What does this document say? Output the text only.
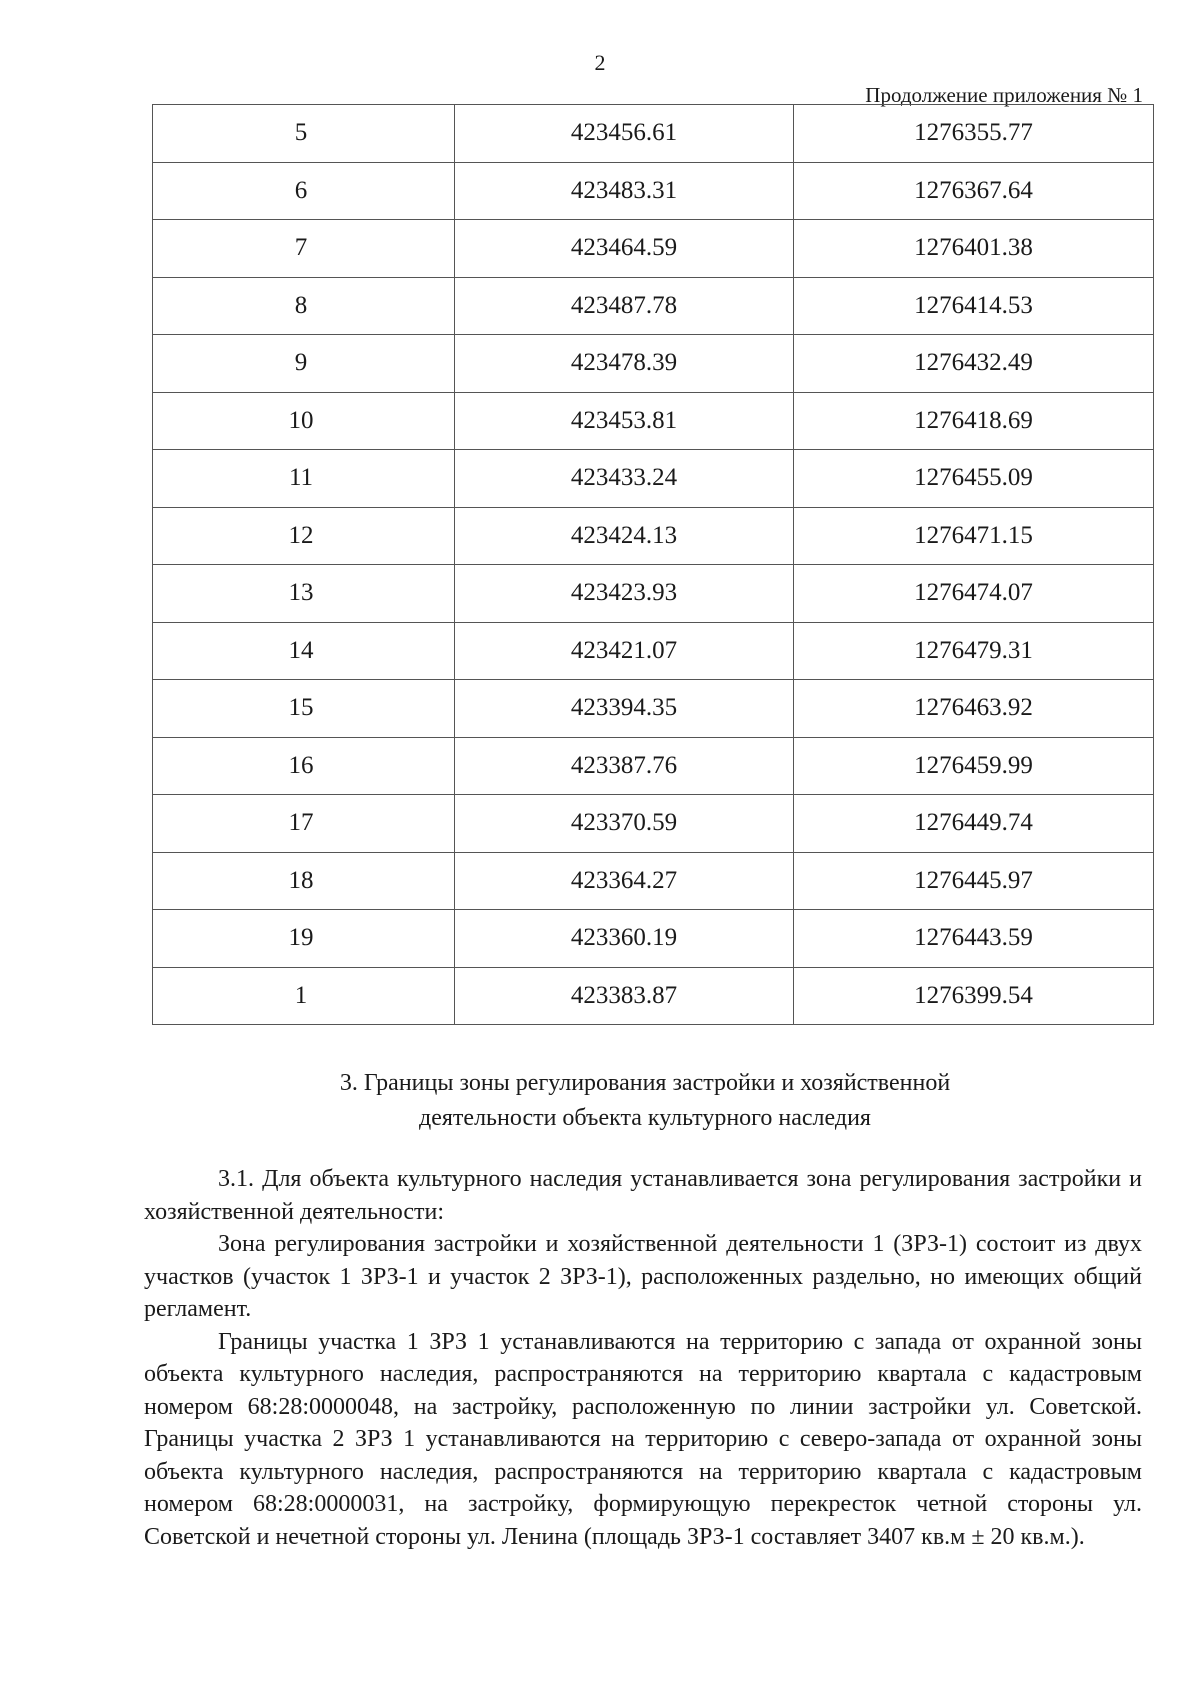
2
Продолжение приложения № 1
5	423456.61	1276355.77
6	423483.31	1276367.64
7	423464.59	1276401.38
8	423487.78	1276414.53
9	423478.39	1276432.49
10	423453.81	1276418.69
11	423433.24	1276455.09
12	423424.13	1276471.15
13	423423.93	1276474.07
14	423421.07	1276479.31
15	423394.35	1276463.92
16	423387.76	1276459.99
17	423370.59	1276449.74
18	423364.27	1276445.97
19	423360.19	1276443.59
1	423383.87	1276399.54
3. Границы зоны регулирования застройки и хозяйственной
деятельности объекта культурного наследия

3.1. Для объекта культурного наследия устанавливается зона регулирования застройки и хозяйственной деятельности:

Зона регулирования застройки и хозяйственной деятельности 1 (ЗРЗ-1) состоит из двух участков (участок 1 ЗРЗ-1 и участок 2 ЗРЗ-1), расположенных раздельно, но имеющих общий регламент.

Границы участка 1 ЗРЗ 1 устанавливаются на территорию с запада от охранной зоны объекта культурного наследия, распространяются на территорию квартала с кадастровым номером 68:28:0000048, на застройку, расположенную по линии застройки ул. Советской. Границы участка 2 ЗРЗ 1 устанавливаются на территорию с северо-запада от охранной зоны объекта культурного наследия, распространяются на территорию квартала с кадастровым номером 68:28:0000031, на застройку, формирующую перекресток четной стороны ул. Советской и нечетной стороны ул. Ленина (площадь ЗРЗ-1 составляет 3407 кв.м ± 20 кв.м.).
